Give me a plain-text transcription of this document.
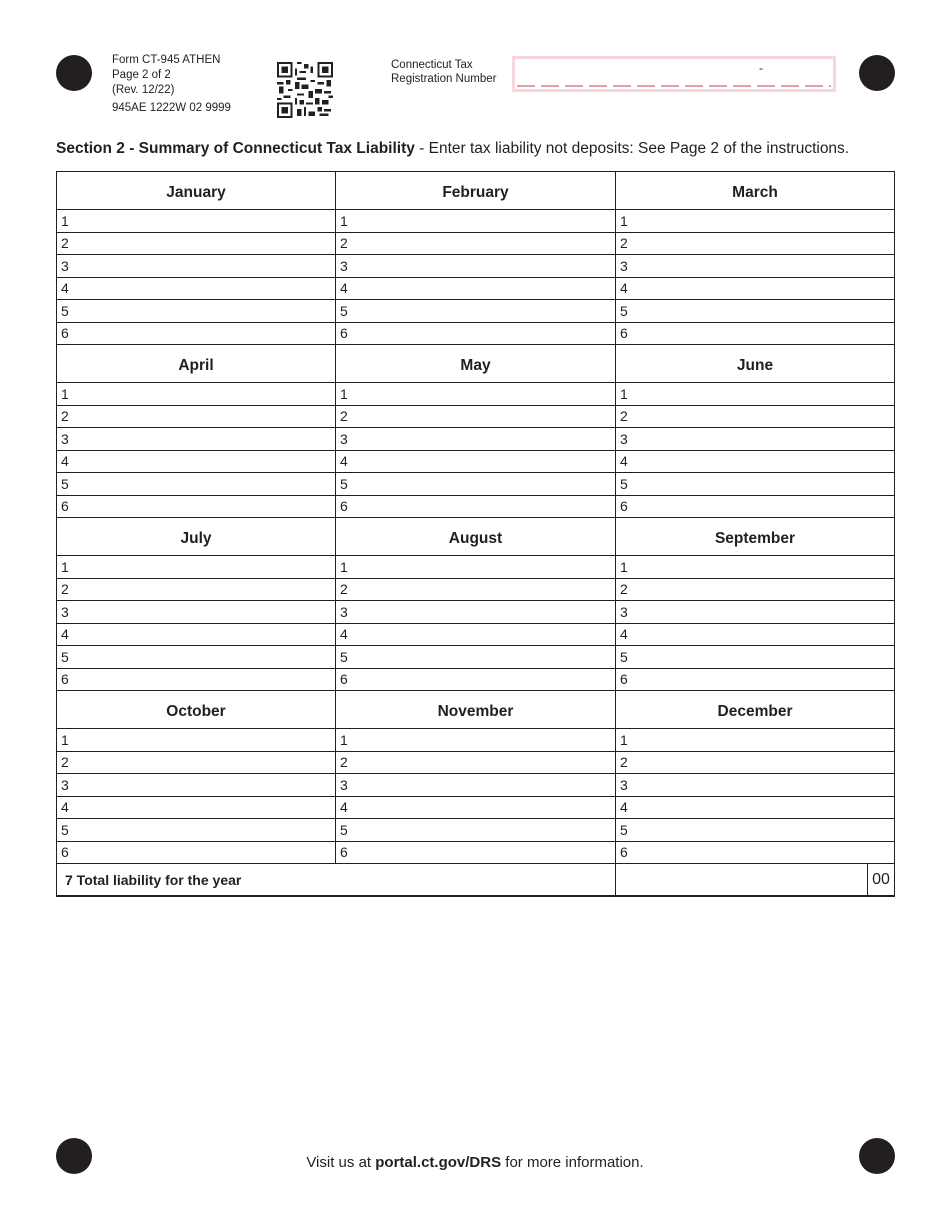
Form CT-945 ATHEN
Page 2 of 2
(Rev. 12/22)
945AE 1222W 02 9999
Connecticut Tax
Registration Number
-
Section 2 - Summary of Connecticut Tax Liability - Enter tax liability not deposits: See Page 2 of the instructions.
January	February	March
1	1	1
2	2	2
3	3	3
4	4	4
5	5	5
6	6	6
April	May	June
1	1	1
2	2	2
3	3	3
4	4	4
5	5	5
6	6	6
July	August	September
1	1	1
2	2	2
3	3	3
4	4	4
5	5	5
6	6	6
October	November	December
1	1	1
2	2	2
3	3	3
4	4	4
5	5	5
6	6	6
7 Total liability for the year		00
Visit us at portal.ct.gov/DRS for more information.
